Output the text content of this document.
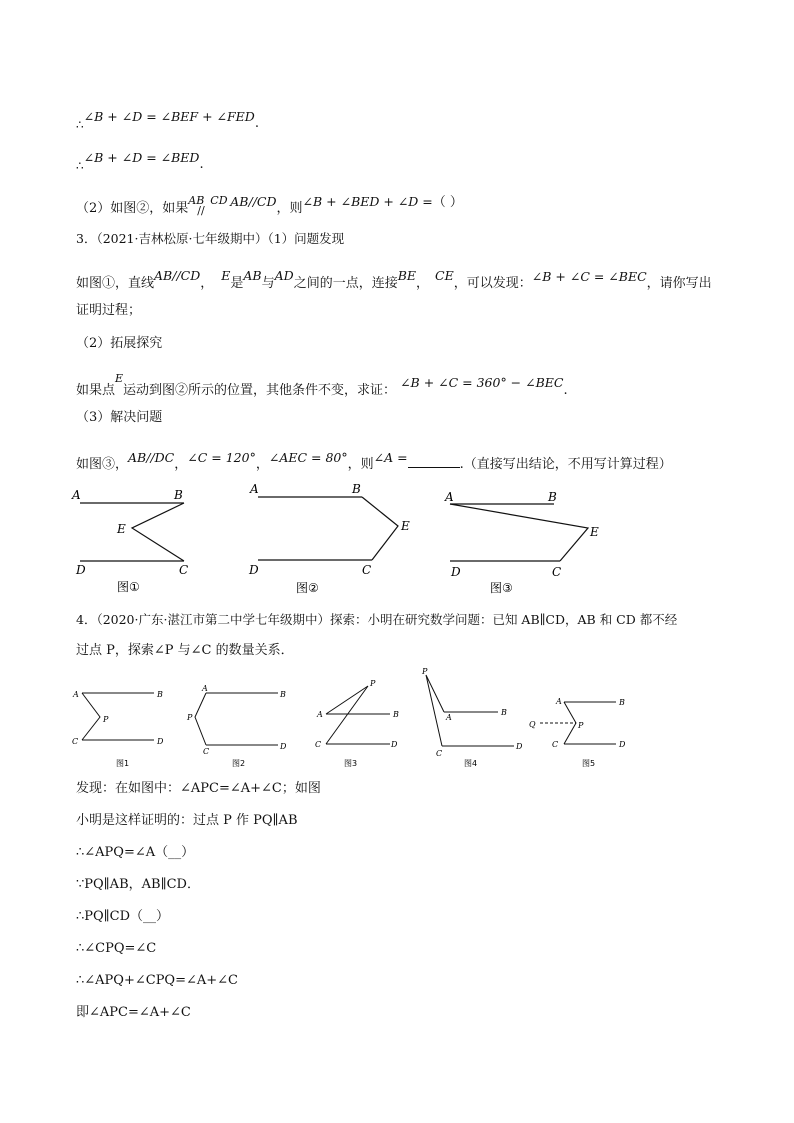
∴∠B + ∠D = ∠BEF + ∠FED.
∴∠B + ∠D = ∠BED.
（2）如图②，如果
AB
//
CD AB//CD，则∠B + ∠BED + ∠D =（ ）
3．（2021·吉林松原·七年级期中）（1）问题发现
如图①，直线AB//CD，E是AB与AD之间的一点，连接BE，CE，可以发现：∠B + ∠C = ∠BEC，请你写出
证明过程；
（2）拓展探究
如果点$^E$运动到图②所示的位置，其他条件不变，求证：∠B + ∠C = 360° − ∠BEC.
（3）解决问题
如图③，AB//DC，∠C = 120°，∠AEC = 80°，则∠A =	.（直接写出结论，不用写计算过程）
A	B
E
D	C
图①
A	B
E
D	C
图②
A	B
E
D	C
图③
4．（2020·广东·湛江市第二中学七年级期中）探索：小明在研究数学问题：已知 AB∥CD，AB 和 CD 都不经
过点 P，探索∠P 与∠C 的数量关系．
A	B
P
C	D
图1
A
B
P
C
D
图2
P
A	B
C	D
图3
P
A
B
C
D
图4
A	B
Q	P
C	D
图5
发现：在如图中：∠APC=∠A+∠C；如图
小明是这样证明的：过点 P 作 PQ∥AB
∴∠APQ=∠A（__）
∵PQ∥AB，AB∥CD．
∴PQ∥CD（__）
∴∠CPQ=∠C
∴∠APQ+∠CPQ=∠A+∠C
即∠APC=∠A+∠C
